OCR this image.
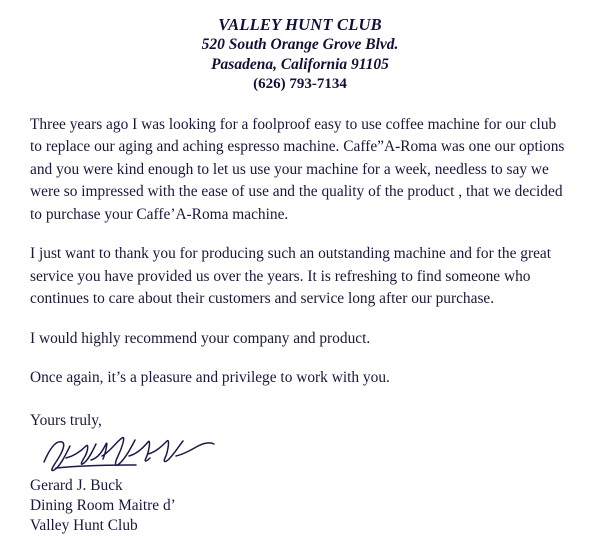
VALLEY HUNT CLUB
520 South Orange Grove Blvd.
Pasadena, California 91105
(626) 793-7134

Three years ago I was looking for a foolproof easy to use coffee machine for our club to replace our aging and aching espresso machine. Caffe”A-Roma was one our options and you were kind enough to let us use your machine for a week, needless to say we were so impressed with the ease of use and the quality of the product , that we decided to purchase your Caffe’A-Roma machine.

I just want to thank you for producing such an outstanding machine and for the great service you have provided us over the years. It is refreshing to find someone who continues to care about their customers and service long after our purchase.

I would highly recommend your company and product.

Once again, it’s a pleasure and privilege to work with you.

Yours truly,
Gerard J. Buck
Dining Room Maitre d’
Valley Hunt Club
